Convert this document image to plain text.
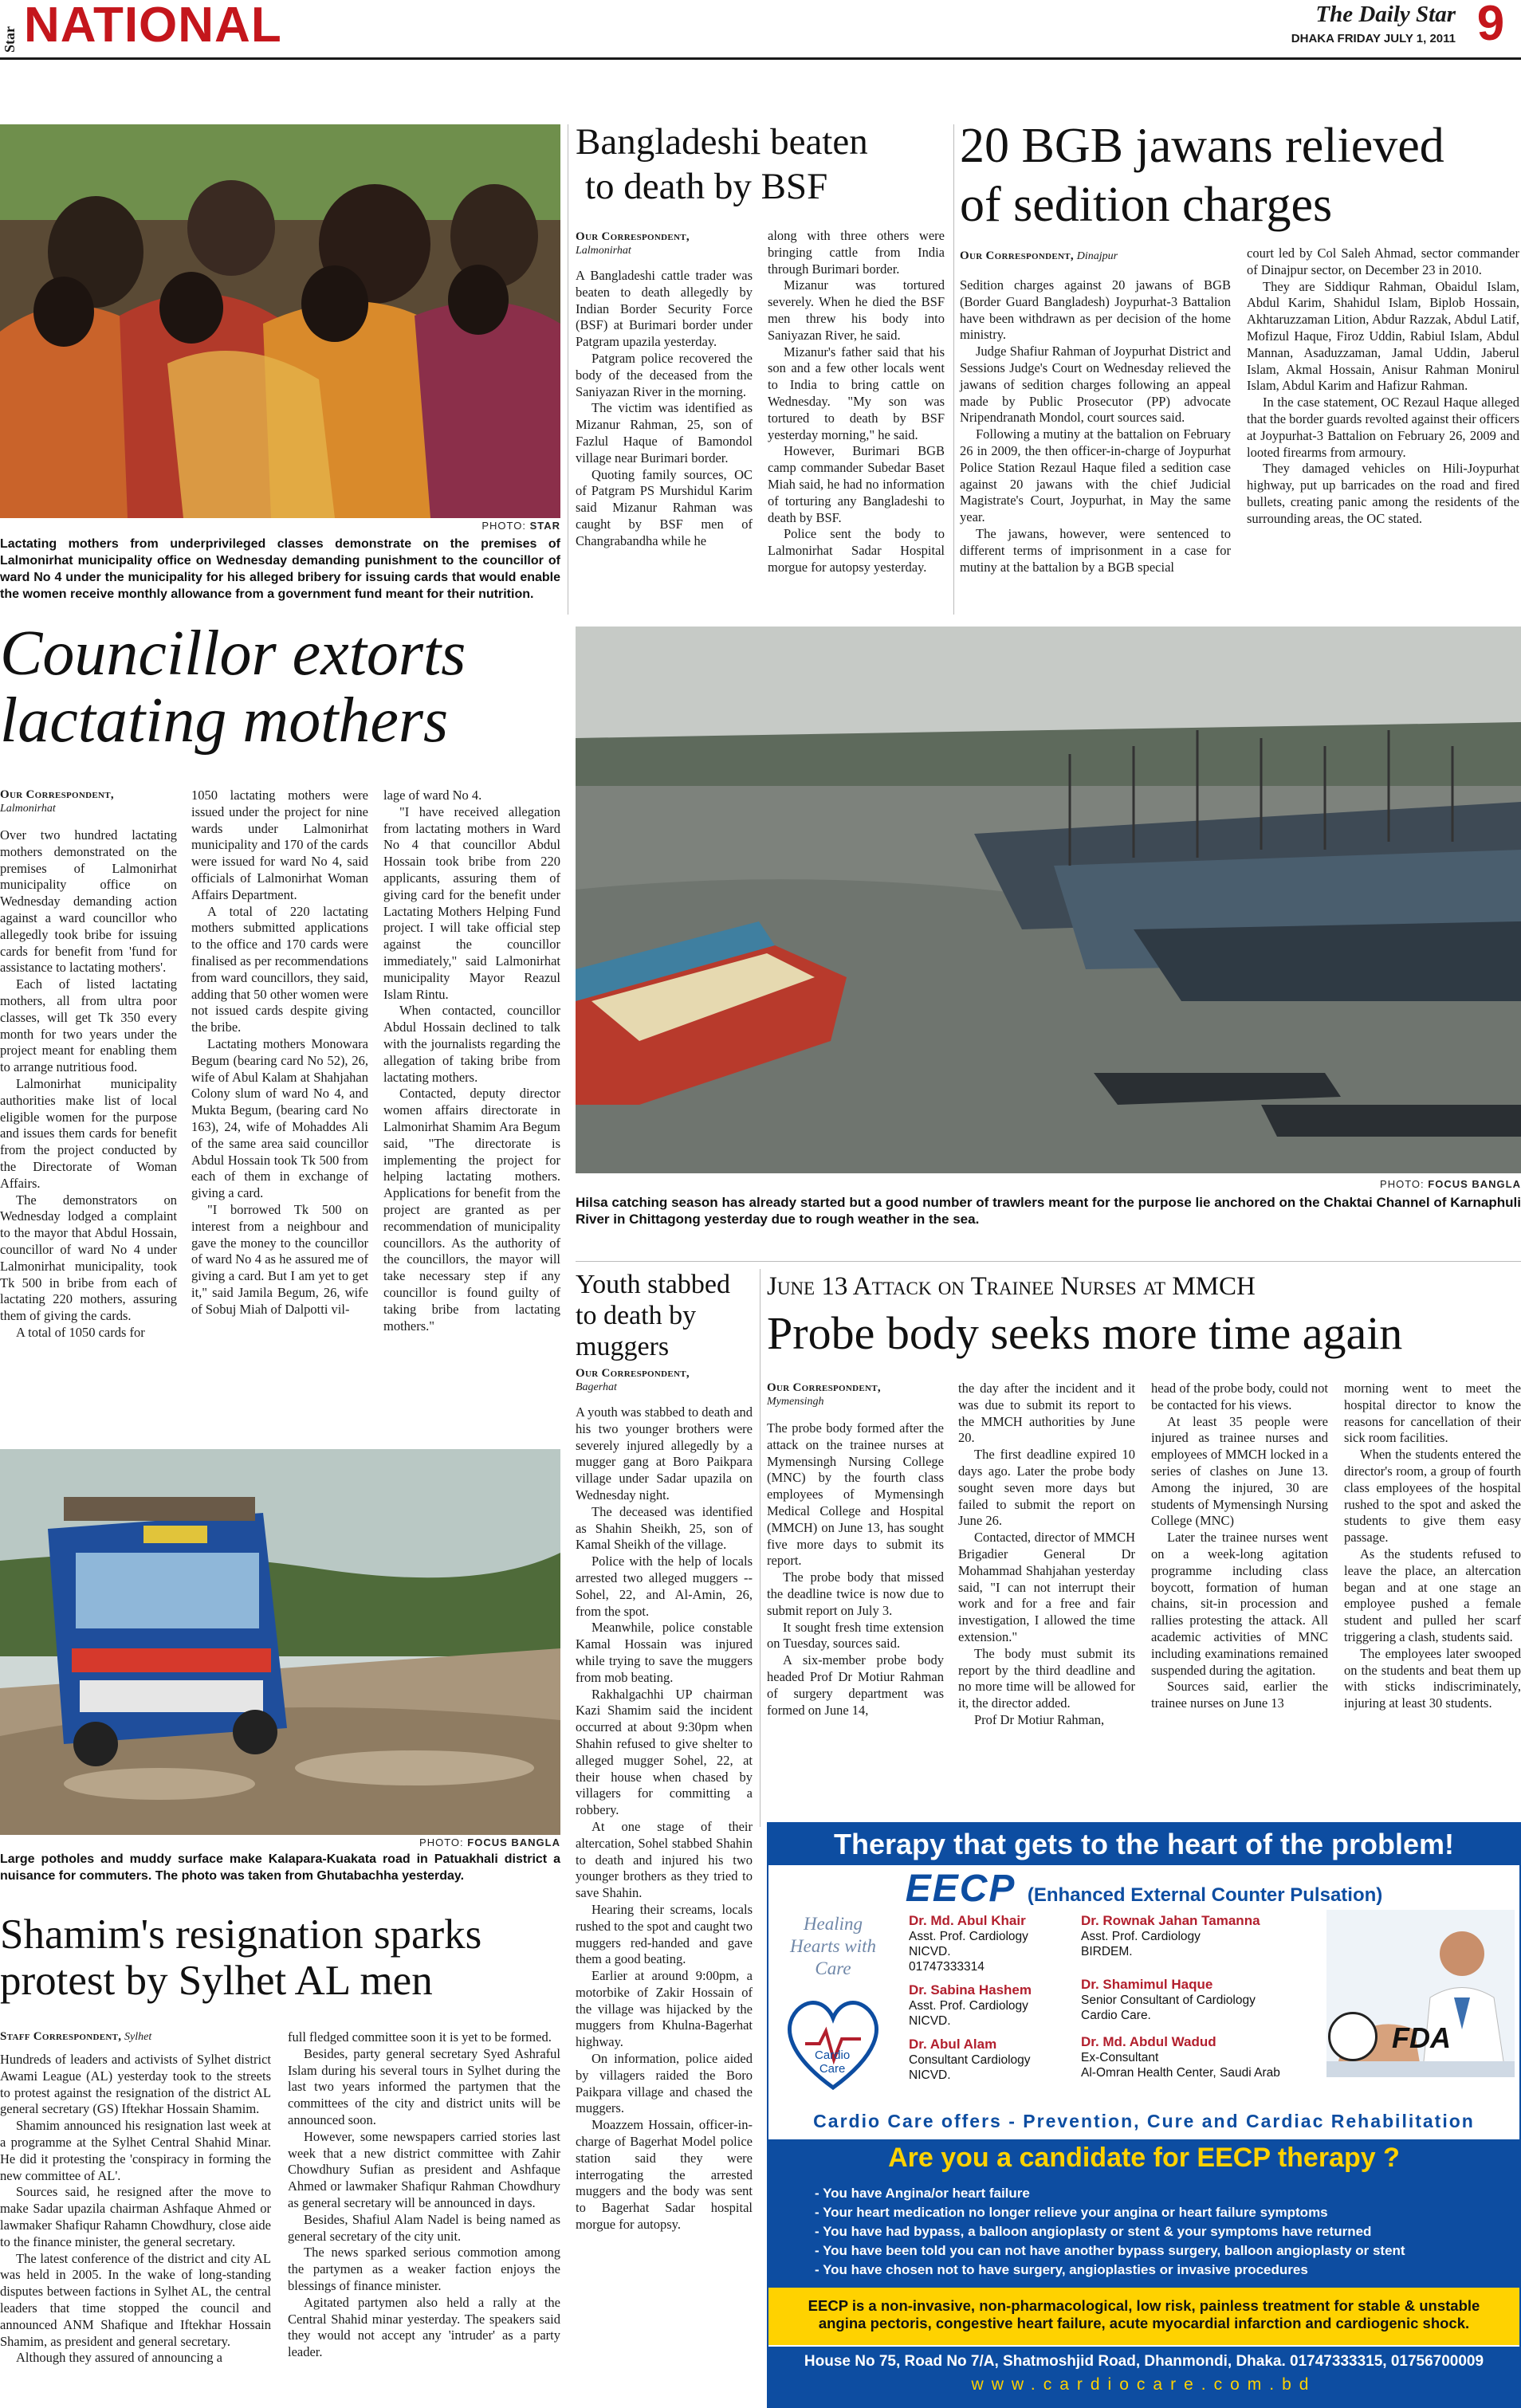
Star NATIONAL	The Daily Star
DHAKA FRIDAY JULY 1, 2011 9
PHOTO: STAR
Lactating mothers from underprivileged classes demonstrate on the premises of Lalmonirhat municipality office on Wednesday demanding punishment to the councillor of ward No 4 under the municipality for his alleged bribery for issuing cards that would enable the women receive monthly allowance from a government fund meant for their nutrition.
Councillor extorts
lactating mothers
Our Correspondent,
Lalmonirhat

Over two hundred lactating mothers demonstrated on the premises of Lalmonirhat municipality office on Wednesday demanding action against a ward councillor who allegedly took bribe for issuing cards for benefit from 'fund for assistance to lactating mothers'.

Each of listed lactating mothers, all from ultra poor classes, will get Tk 350 every month for two years under the project meant for enabling them to arrange nutritious food.

Lalmonirhat municipality authorities make list of local eligible women for the purpose and issues them cards for benefit from the project conducted by the Directorate of Woman Affairs.

The demonstrators on Wednesday lodged a complaint to the mayor that Abdul Hossain, councillor of ward No 4 under Lalmonirhat municipality, took Tk 500 in bribe from each of lactating 220 mothers, assuring them of giving the cards.

A total of 1050 cards for

1050 lactating mothers were issued under the project for nine wards under Lalmonirhat municipality and 170 of the cards were issued for ward No 4, said officials of Lalmonirhat Woman Affairs Department.

A total of 220 lactating mothers submitted applications to the office and 170 cards were finalised as per recommendations from ward councillors, they said, adding that 50 other women were not issued cards despite giving the bribe.

Lactating mothers Monowara Begum (bearing card No 52), 26, wife of Abul Kalam at Shahjahan Colony slum of ward No 4, and Mukta Begum, (bearing card No 163), 24, wife of Mohaddes Ali of the same area said councillor Abdul Hossain took Tk 500 from each of them in exchange of giving a card.

"I borrowed Tk 500 on interest from a neighbour and gave the money to the councillor of ward No 4 as he assured me of giving a card. But I am yet to get it," said Jamila Begum, 26, wife of Sobuj Miah of Dalpotti vil-

lage of ward No 4.

"I have received allegation from lactating mothers in Ward No 4 that councillor Abdul Hossain took bribe from 220 applicants, assuring them of giving card for the benefit under Lactating Mothers Helping Fund project. I will take official step against the councillor immediately," said Lalmonirhat municipality Mayor Reazul Islam Rintu.

When contacted, councillor Abdul Hossain declined to talk with the journalists regarding the allegation of taking bribe from lactating mothers.

Contacted, deputy director women affairs directorate in Lalmonirhat Shamim Ara Begum said, "The directorate is implementing the project for helping lactating mothers. Applications for benefit from the project are granted as per recommendation of municipality councillors. As the authority of the councillors, the mayor will take necessary step if any councillor is found guilty of taking bribe from lactating mothers."

PHOTO: FOCUS BANGLA
Large potholes and muddy surface make Kalapara-Kuakata road in Patuakhali district a nuisance for commuters. The photo was taken from Ghutabachha yesterday.
Shamim's resignation sparks
protest by Sylhet AL men
Staff Correspondent, Sylhet

Hundreds of leaders and activists of Sylhet district Awami League (AL) yesterday took to the streets to protest against the resignation of the district AL general secretary (GS) Iftekhar Hossain Shamim.

Shamim announced his resignation last week at a programme at the Sylhet Central Shahid Minar. He did it protesting the 'conspiracy in forming the new committee of AL'.

Sources said, he resigned after the move to make Sadar upazila chairman Ashfaque Ahmed or lawmaker Shafiqur Rahamn Chowdhury, close aide to the finance minister, the general secretary.

The latest conference of the district and city AL was held in 2005. In the wake of long-standing disputes between factions in Sylhet AL, the central leaders that time stopped the council and announced ANM Shafique and Iftekhar Hossain Shamim, as president and general secretary.

Although they assured of announcing a

full fledged committee soon it is yet to be formed.

Besides, party general secretary Syed Ashraful Islam during his several tours in Sylhet during the last two years informed the partymen that the committees of the city and district units will be announced soon.

However, some newspapers carried stories last week that a new district committee with Zahir Chowdhury Sufian as president and Ashfaque Ahmed or lawmaker Shafiqur Rahman Chowdhury as general secretary will be announced in days.

Besides, Shafiul Alam Nadel is being named as general secretary of the city unit.

The news sparked serious commotion among the partymen as a weaker faction enjoys the blessings of finance minister.

Agitated partymen also held a rally at the Central Shahid minar yesterday. The speakers said they would not accept any 'intruder' as a party leader.

Bangladeshi beaten
to death by BSF
Our Correspondent,
Lalmonirhat

A Bangladeshi cattle trader was beaten to death allegedly by Indian Border Security Force (BSF) at Burimari border under Patgram upazila yesterday.

Patgram police recovered the body of the deceased from the Saniyazan River in the morning.

The victim was identified as Mizanur Rahman, 25, son of Fazlul Haque of Bamondol village near Burimari border.

Quoting family sources, OC of Patgram PS Murshidul Karim said Mizanur Rahman was caught by BSF men of Changrabandha while he

along with three others were bringing cattle from India through Burimari border.

Mizanur was tortured severely. When he died the BSF men threw his body into Saniyazan River, he said.

Mizanur's father said that his son and a few other locals went to India to bring cattle on Wednesday. "My son was tortured to death by BSF yesterday morning," he said.

However, Burimari BGB camp commander Subedar Baset Miah said, he had no information of torturing any Bangladeshi to death by BSF.

Police sent the body to Lalmonirhat Sadar Hospital morgue for autopsy yesterday.

20 BGB jawans relieved
of sedition charges
Our Correspondent, Dinajpur

Sedition charges against 20 jawans of BGB (Border Guard Bangladesh) Joypurhat-3 Battalion have been withdrawn as per decision of the home ministry.

Judge Shafiur Rahman of Joypurhat District and Sessions Judge's Court on Wednesday relieved the jawans of sedition charges following an appeal made by Public Prosecutor (PP) advocate Nripendranath Mondol, court sources said.

Following a mutiny at the battalion on February 26 in 2009, the then officer-in-charge of Joypurhat Police Station Rezaul Haque filed a sedition case against 20 jawans with the chief Judicial Magistrate's Court, Joypurhat, in May the same year.

The jawans, however, were sentenced to different terms of imprisonment in a case for mutiny at the battalion by a BGB special

court led by Col Saleh Ahmad, sector commander of Dinajpur sector, on December 23 in 2010.

They are Siddiqur Rahman, Obaidul Islam, Abdul Karim, Shahidul Islam, Biplob Hossain, Akhtaruzzaman Lition, Abdur Razzak, Abdul Latif, Mofizul Haque, Firoz Uddin, Rabiul Islam, Abdul Mannan, Asaduzzaman, Jamal Uddin, Jaberul Islam, Akmal Hossain, Anisur Rahman Monirul Islam, Abdul Karim and Hafizur Rahman.

In the case statement, OC Rezaul Haque alleged that the border guards revolted against their officers at Joypurhat-3 Battalion on February 26, 2009 and looted firearms from armoury.

They damaged vehicles on Hili-Joypurhat highway, put up barricades on the road and fired bullets, creating panic among the residents of the surrounding areas, the OC stated.

PHOTO: FOCUS BANGLA
Hilsa catching season has already started but a good number of trawlers meant for the purpose lie anchored on the Chaktai Channel of Karnaphuli River in Chittagong yesterday due to rough weather in the sea.
Youth stabbed
to death by
muggers
Our Correspondent,
Bagerhat

A youth was stabbed to death and his two younger brothers were severely injured allegedly by a mugger gang at Boro Paikpara village under Sadar upazila on Wednesday night.

The deceased was identified as Shahin Sheikh, 25, son of Kamal Sheikh of the village.

Police with the help of locals arrested two alleged muggers -- Sohel, 22, and Al-Amin, 26, from the spot.

Meanwhile, police constable Kamal Hossain was injured while trying to save the muggers from mob beating.

Rakhalgachhi UP chairman Kazi Shamim said the incident occurred at about 9:30pm when Shahin refused to give shelter to alleged mugger Sohel, 22, at their house when chased by villagers for committing a robbery.

At one stage of their altercation, Sohel stabbed Shahin to death and injured his two younger brothers as they tried to save Shahin.

Hearing their screams, locals rushed to the spot and caught two muggers red-handed and gave them a good beating.

Earlier at around 9:00pm, a motorbike of Zakir Hossain of the village was hijacked by the muggers from Khulna-Bagerhat highway.

On information, police aided by villagers raided the Boro Paikpara village and chased the muggers.

Moazzem Hossain, officer-in-charge of Bagerhat Model police station said they were interrogating the arrested muggers and the body was sent to Bagerhat Sadar hospital morgue for autopsy.

June 13 Attack on Trainee Nurses at MMCH
Probe body seeks more time again
Our Correspondent,
Mymensingh

The probe body formed after the attack on the trainee nurses at Mymensingh Nursing College (MNC) by the fourth class employees of Mymensingh Medical College and Hospital (MMCH) on June 13, has sought five more days to submit its report.

The probe body that missed the deadline twice is now due to submit report on July 3.

It sought fresh time extension on Tuesday, sources said.

A six-member probe body headed Prof Dr Motiur Rahman of surgery department was formed on June 14,

the day after the incident and it was due to submit its report to the MMCH authorities by June 20.

The first deadline expired 10 days ago. Later the probe body sought seven more days but failed to submit the report on June 26.

Contacted, director of MMCH Brigadier General Dr Mohammad Shahjahan yesterday said, "I can not interrupt their work and for a free and fair investigation, I allowed the time extension."

The body must submit its report by the third deadline and no more time will be allowed for it, the director added.

Prof Dr Motiur Rahman,

head of the probe body, could not be contacted for his views.

At least 35 people were injured as trainee nurses and employees of MMCH locked in a series of clashes on June 13. Among the injured, 30 are students of Mymensingh Nursing College (MNC)

Later the trainee nurses went on a week-long agitation programme including class boycott, formation of human chains, sit-in procession and rallies protesting the attack. All academic activities of MNC including examinations remained suspended during the agitation.

Sources said, earlier the trainee nurses on June 13

morning went to meet the hospital director to know the reasons for cancellation of their sick room facilities.

When the students entered the director's room, a group of fourth class employees of the hospital rushed to the spot and asked the students to give them easy passage.

As the students refused to leave the place, an altercation began and at one stage an employee pushed a female student and pulled her scarf triggering a clash, students said.

The employees later swooped on the students and beat them up with sticks indiscriminately, injuring at least 30 students.

Therapy that gets to the heart of the problem!
EECP (Enhanced External Counter Pulsation)
Healing
Hearts with
Care
Cardio
Care
Dr. Md. Abul Khair
Asst. Prof. Cardiology
NICVD.
01747333314
Dr. Sabina Hashem
Asst. Prof. Cardiology
NICVD.
Dr. Abul Alam
Consultant Cardiology
NICVD.
Dr. Rownak Jahan Tamanna
Asst. Prof. Cardiology
BIRDEM.
Dr. Shamimul Haque
Senior Consultant of Cardiology
Cardio Care.
Dr. Md. Abdul Wadud
Ex-Consultant
Al-Omran Health Center, Saudi Arab
FDA
Cardio Care offers - Prevention, Cure and Cardiac Rehabilitation
Are you a candidate for EECP therapy ?
- You have Angina/or heart failure
- Your heart medication no longer relieve your angina or heart failure symptoms
- You have had bypass, a balloon angioplasty or stent & your symptoms have returned
- You have been told you can not have another bypass surgery, balloon angioplasty or stent
- You have chosen not to have surgery, angioplasties or invasive procedures
EECP is a non-invasive, non-pharmacological, low risk, painless treatment for stable & unstable
angina pectoris, congestive heart failure, acute myocardial infarction and cardiogenic shock.
House No 75, Road No 7/A, Shatmoshjid Road, Dhanmondi, Dhaka. 01747333315, 01756700009
www.cardiocare.com.bd
